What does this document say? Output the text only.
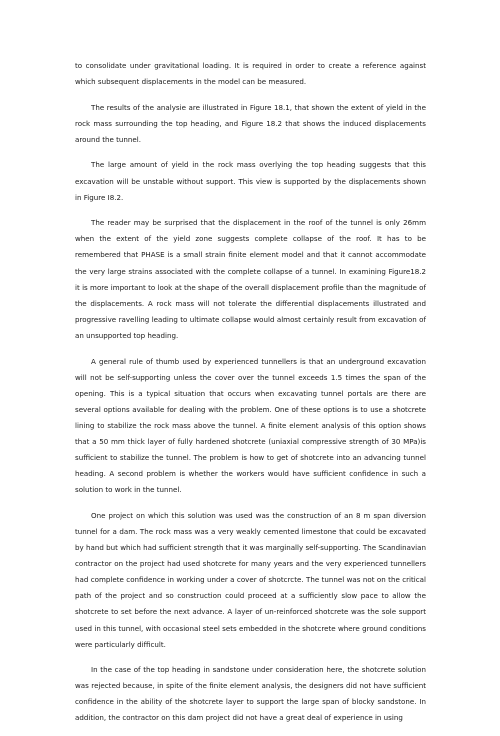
to consolidate under gravitational loading. It is required in order to create a reference against which subsequent displacements in the model can be measured.

The results of the analysie are illustrated in Figure 18.1, that shown the extent of yield in the rock mass surrounding the top heading, and Figure 18.2 that shows the induced displacements around the tunnel.

The large amount of yield in the rock mass overlying the top heading suggests that this excavation will be unstable without support. This view is supported by the displacements shown in Figure I8.2.

The reader may be surprised that the displacement in the roof of the tunnel is only 26mm when the extent of the yield zone suggests complete collapse of the roof. It has to be remembered that PHASE is a small strain finite element model and that it cannot accommodate the very large strains associated with the complete collapse of a tunnel. In examining Figure18.2 it is more important to look at the shape of the overall displacement profile than the magnitude of the displacements. A rock mass will not tolerate the differential displacements illustrated and progressive ravelling leading to ultimate collapse would almost certainly result from excavation of an unsupported top heading.

A general rule of thumb used by experienced tunnellers is that an underground excavation will not be self-supporting unless the cover over the tunnel exceeds 1.5 times the span of the opening. This is a typical situation that occurs when excavating tunnel portals are there are several options available for dealing with the problem. One of these options is to use a shotcrete lining to stabilize the rock mass above the tunnel. A finite element analysis of this option shows that a 50 mm thick layer of fully hardened shotcrete (uniaxial compressive strength of 30 MPa)is sufficient to stabilize the tunnel. The problem is how to get of shotcrete into an advancing tunnel heading. A second problem is whether the workers would have sufficient confidence in such a solution to work in the tunnel.

One project on which this solution was used was the construction of an 8 m span diversion tunnel for a dam. The rock mass was a very weakly cemented limestone that could be excavated by hand but which had sufficient strength that it was marginally self-supporting. The Scandinavian contractor on the project had used shotcrete for many years and the very experienced tunnellers had complete confidence in working under a cover of shotcrcte. The tunnel was not on the critical path of the project and so construction could proceed at a sufficiently slow pace to allow the shotcrete to set before the next advance. A layer of un-reinforced shotcrete was the sole support used in this tunnel, with occasional steel sets embedded in the shotcrete where ground conditions were particularly difficult.

In the case of the top heading in sandstone under consideration here, the shotcrete solution was rejected because, in spite of the finite element analysis, the designers did not have sufficient confidence in the ability of the shotcrete layer to support the large span of blocky sandstone. In addition, the contractor on this dam project did not have a great deal of experience in using
